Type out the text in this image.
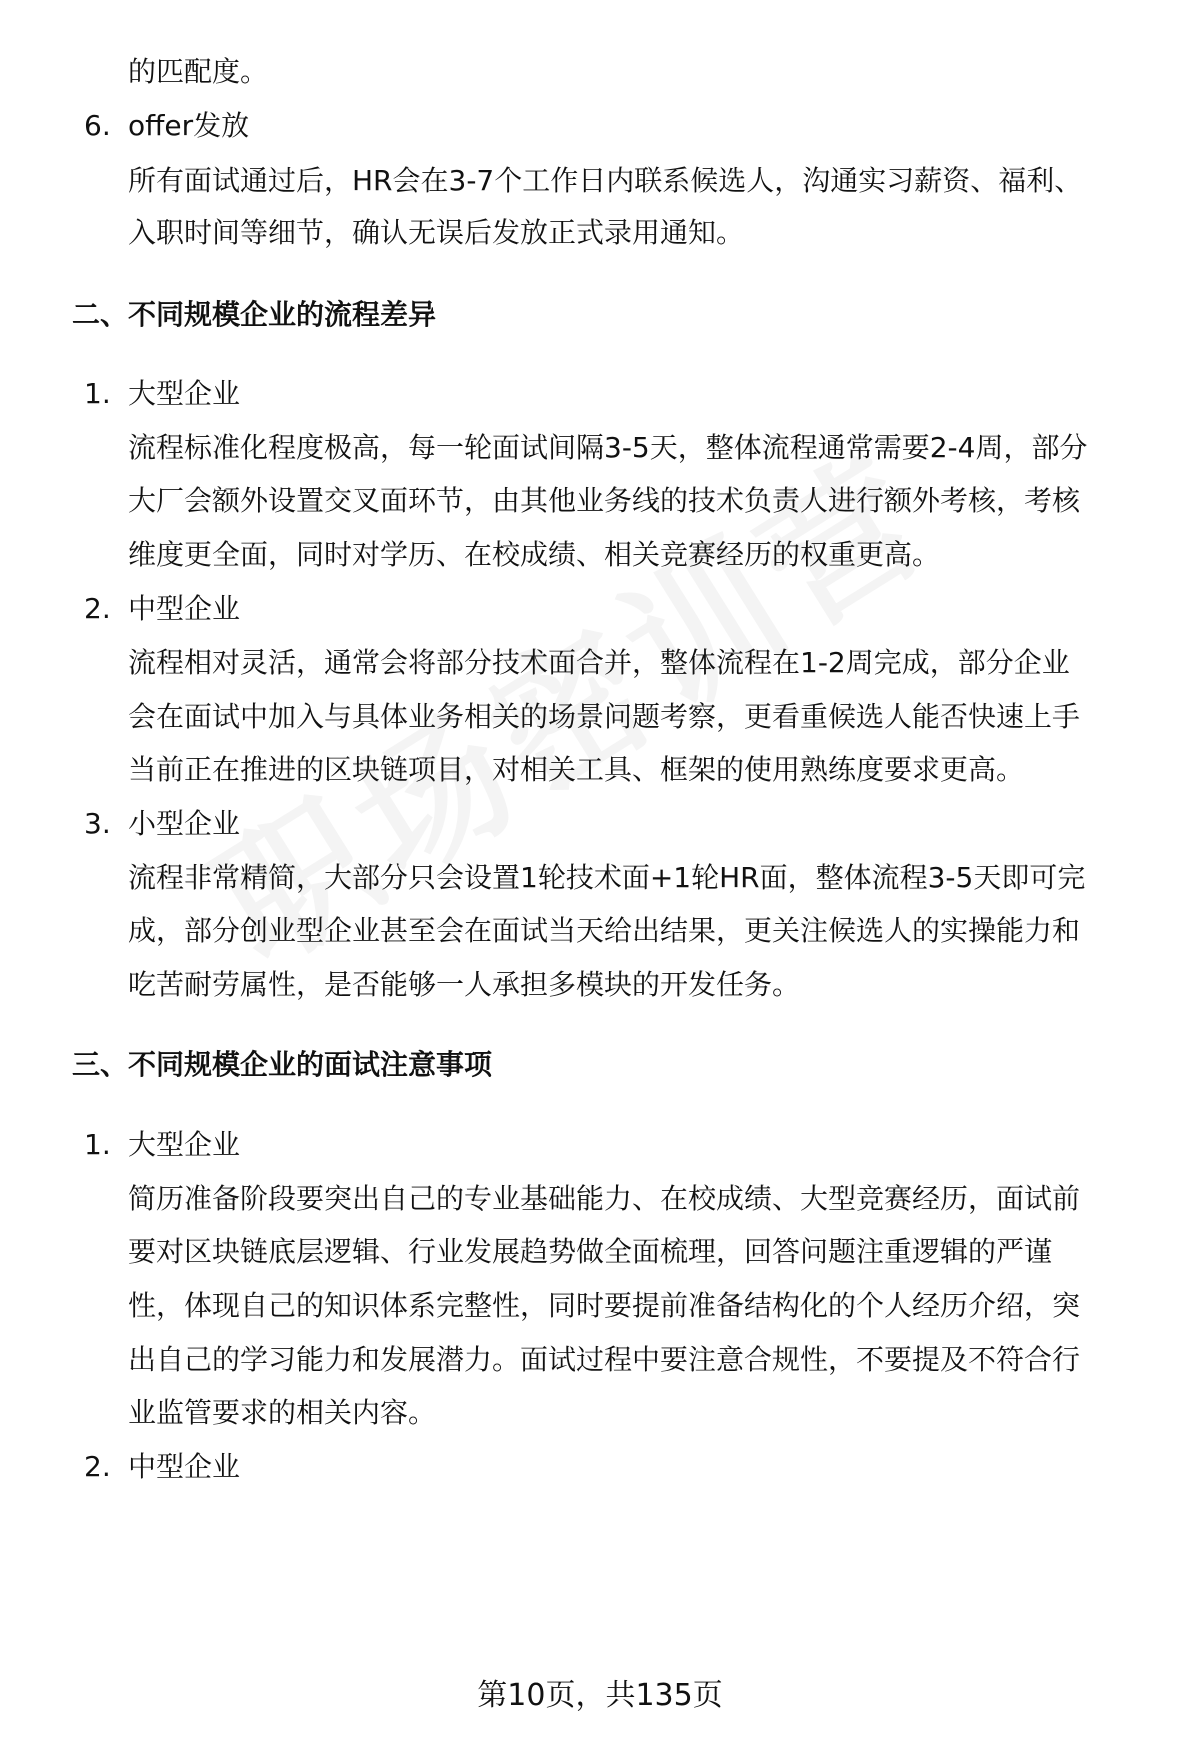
的匹配度。
6. offer发放
所有面试通过后，HR会在3-7个工作日内联系候选人，沟通实习薪资、福利、
入职时间等细节，确认无误后发放正式录用通知。
二、不同规模企业的流程差异
1. 大型企业
流程标准化程度极高，每一轮面试间隔3-5天，整体流程通常需要2-4周，部分
大厂会额外设置交叉面环节，由其他业务线的技术负责人进行额外考核，考核
维度更全面，同时对学历、在校成绩、相关竞赛经历的权重更高。
2. 中型企业
流程相对灵活，通常会将部分技术面合并，整体流程在1-2周完成，部分企业
会在面试中加入与具体业务相关的场景问题考察，更看重候选人能否快速上手
当前正在推进的区块链项目，对相关工具、框架的使用熟练度要求更高。
3. 小型企业
流程非常精简，大部分只会设置1轮技术面+1轮HR面，整体流程3-5天即可完
成，部分创业型企业甚至会在面试当天给出结果，更关注候选人的实操能力和
吃苦耐劳属性，是否能够一人承担多模块的开发任务。
三、不同规模企业的面试注意事项
1. 大型企业
简历准备阶段要突出自己的专业基础能力、在校成绩、大型竞赛经历，面试前
要对区块链底层逻辑、行业发展趋势做全面梳理，回答问题注重逻辑的严谨
性，体现自己的知识体系完整性，同时要提前准备结构化的个人经历介绍，突
出自己的学习能力和发展潜力。面试过程中要注意合规性，不要提及不符合行
业监管要求的相关内容。
2. 中型企业
第10页，共135页
